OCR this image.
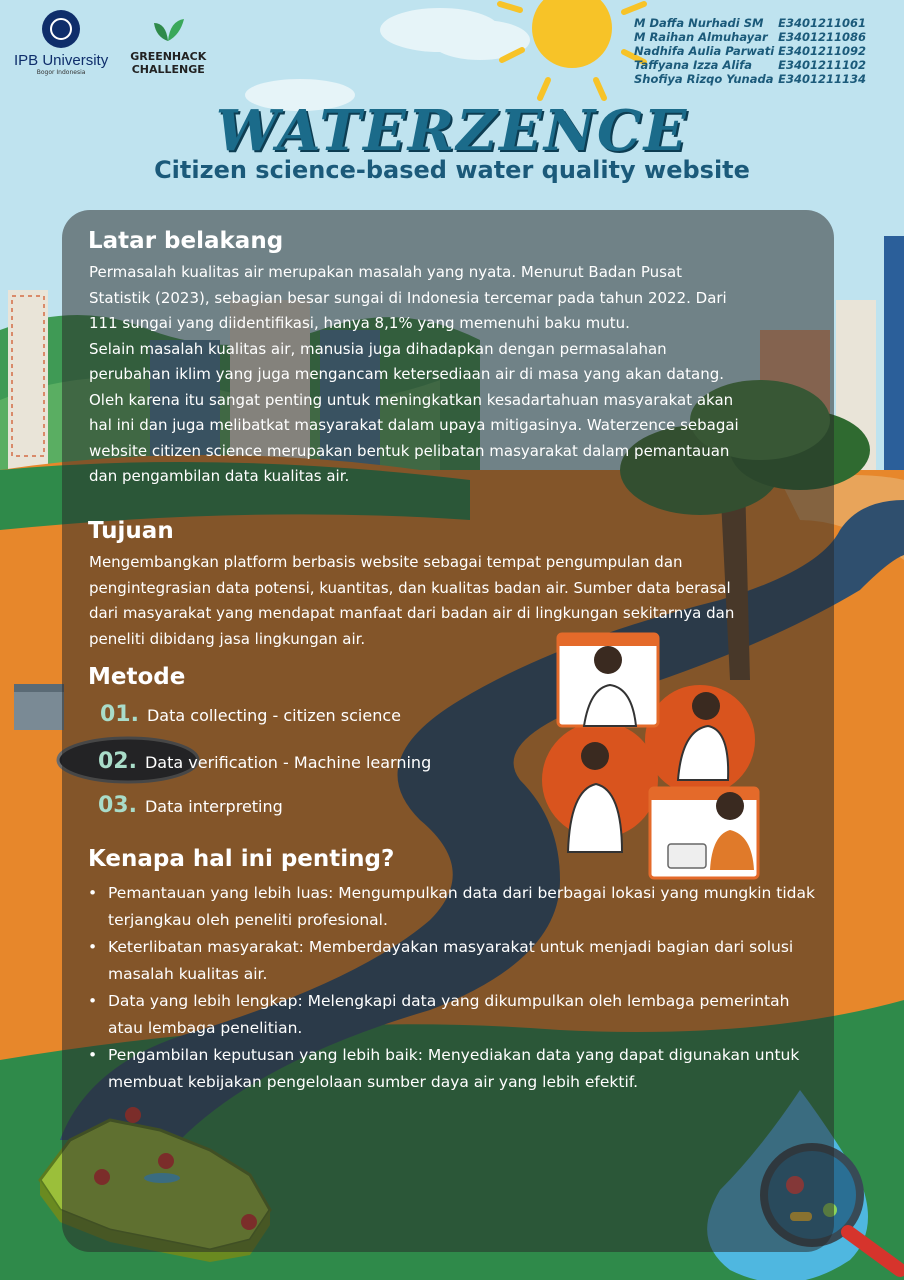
IPB University
Bogor Indonesia
GREENHACK
CHALLENGE
M Daffa Nurhadi SM E3401211061
M Raihan Almuhayar E3401211086
Nadhifa Aulia Parwati E3401211092
Taffyana Izza Alifa E3401211102
Shofiya Rizqo Yunada E3401211134
WATERZENCE
Citizen science-based water quality website
Latar belakang
Permasalah kualitas air merupakan masalah yang nyata. Menurut Badan Pusat
Statistik (2023), sebagian besar sungai di Indonesia tercemar pada tahun 2022. Dari
111 sungai yang diidentifikasi, hanya 8,1% yang memenuhi baku mutu.
Selain masalah kualitas air, manusia juga dihadapkan dengan permasalahan
perubahan iklim yang juga mengancam ketersediaan air di masa yang akan datang.
Oleh karena itu sangat penting untuk meningkatkan kesadartahuan masyarakat akan
hal ini dan juga melibatkat masyarakat dalam upaya mitigasinya. Waterzence sebagai
website citizen science merupakan bentuk pelibatan masyarakat dalam pemantauan
dan pengambilan data kualitas air.
Tujuan
Mengembangkan platform berbasis website sebagai tempat pengumpulan dan
pengintegrasian data potensi, kuantitas, dan kualitas badan air. Sumber data berasal
dari masyarakat yang mendapat manfaat dari badan air di lingkungan sekitarnya dan
peneliti dibidang jasa lingkungan air.
Metode
01. Data collecting - citizen science
02. Data verification - Machine learning
03. Data interpreting
Kenapa hal ini penting?
• Pemantauan yang lebih luas: Mengumpulkan data dari berbagai lokasi yang mungkin tidak terjangkau oleh peneliti profesional.
• Keterlibatan masyarakat: Memberdayakan masyarakat untuk menjadi bagian dari solusi masalah kualitas air.
• Data yang lebih lengkap: Melengkapi data yang dikumpulkan oleh lembaga pemerintah atau lembaga penelitian.
• Pengambilan keputusan yang lebih baik: Menyediakan data yang dapat digunakan untuk membuat kebijakan pengelolaan sumber daya air yang lebih efektif.
